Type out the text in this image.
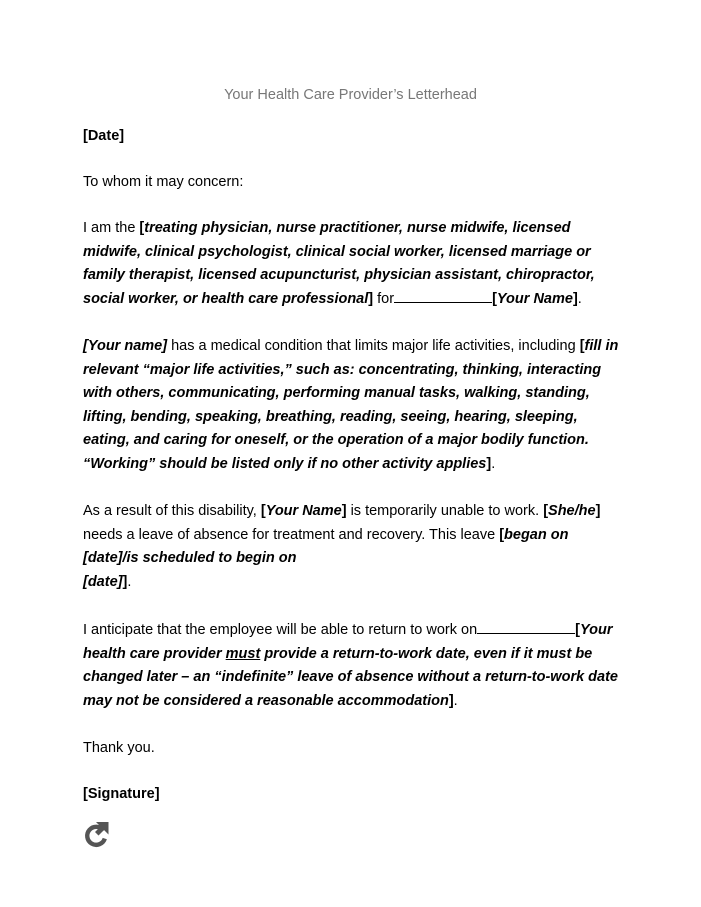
Your Health Care Provider’s Letterhead

[Date]

To whom it may concern:

I am the [treating physician, nurse practitioner, nurse midwife, licensed midwife, clinical psychologist, clinical social worker, licensed marriage or family therapist, licensed acupuncturist, physician assistant, chiropractor, social worker, or health care professional] for	[Your Name].

[Your name] has a medical condition that limits major life activities, including [fill in relevant “major life activities,” such as: concentrating, thinking, interacting with others, communicating, performing manual tasks, walking, standing, lifting, bending, speaking, breathing, reading, seeing, hearing, sleeping, eating, and caring for oneself, or the operation of a major bodily function. “Working” should be listed only if no other activity applies].

As a result of this disability, [Your Name] is temporarily unable to work. [She/he] needs a leave of absence for treatment and recovery. This leave [began on [date]/is scheduled to begin on
[date]].

I anticipate that the employee will be able to return to work on	[Your health care provider must provide a return-to-work date, even if it must be changed later – an “indefinite” leave of absence without a return-to-work date may not be considered a reasonable accommodation].

Thank you.

[Signature]
